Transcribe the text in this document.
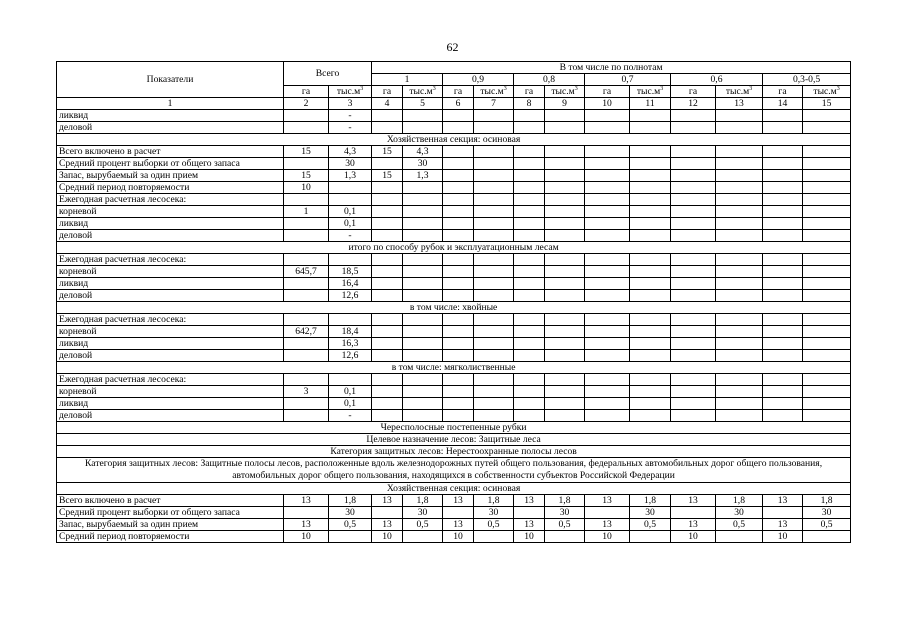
62
Показатели	Всего		В том числе по полнотам											
			1		0,9		0,8		0,7		0,6		0,3-0,5	
	га	$тыс.м^3$	га	$тыс.м^3$	га	$тыс.м^3$	га	$тыс.м^3$	га	$тыс.м^3$	га	$тыс.м^3$	га	$тыс.м^3$
1	2	3	4	5	6	7	8	9	10	11	12	13	14	15
ликвид		-												
деловой		-												
Хозяйственная секция: осиновая														
Всего включено в расчет	15	4,3	15	4,3										
Средний процент выборки от общего запаса		30		30										
Запас, вырубаемый за один прием	15	1,3	15	1,3										
Средний период повторяемости	10													
Ежегодная расчетная лесосека:														
корневой	1	0,1												
ликвид		0,1												
деловой		-												
итого по способу рубок и эксплуатационным лесам														
Ежегодная расчетная лесосека:														
корневой	645,7	18,5												
ликвид		16,4												
деловой		12,6												
в том числе: хвойные														
Ежегодная расчетная лесосека:														
корневой	642,7	18,4												
ликвид		16,3												
деловой		12,6												
в том числе: мягколиственные														
Ежегодная расчетная лесосека:														
корневой	3	0,1												
ликвид		0,1												
деловой		-												
Чересполосные постепенные рубки														
Целевое назначение лесов: Защитные леса														
Категория защитных лесов: Нерестоохранные полосы лесов														
Категория защитных лесов: Защитные полосы лесов, расположенные вдоль железнодорожных путей общего пользования, федеральных автомобильных дорог общего пользования, автомобильных дорог общего пользования, находящихся в собственности субъектов Российской Федерации														
Хозяйственная секция: осиновая														
Всего включено в расчет	13	1,8	13	1,8	13	1,8	13	1,8	13	1,8	13	1,8	13	1,8
Средний процент выборки от общего запаса		30		30		30		30		30		30		30
Запас, вырубаемый за один прием	13	0,5	13	0,5	13	0,5	13	0,5	13	0,5	13	0,5	13	0,5
Средний период повторяемости	10		10		10		10		10		10		10	
